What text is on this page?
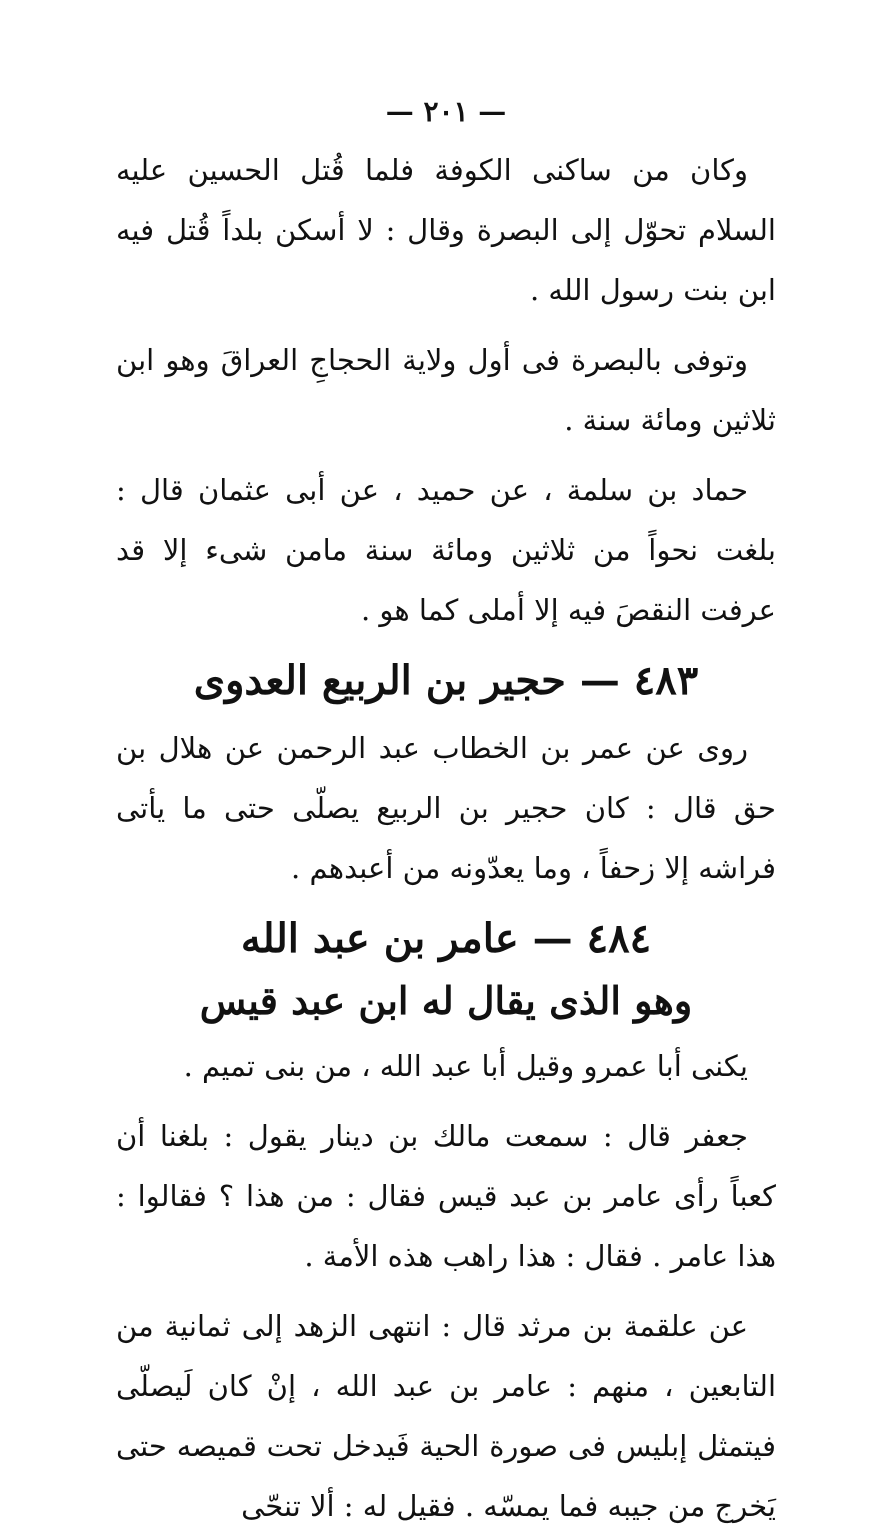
— ٢٠١ —

وكان من ساكنى الكوفة فلما قُتل الحسين عليه السلام تحوّل إلى البصرة وقال : لا أسكن بلداً قُتل فيه ابن بنت رسول الله .

وتوفى بالبصرة فى أول ولاية الحجاجِ العراقَ وهو ابن ثلاثين ومائة سنة .

حماد بن سلمة ، عن حميد ، عن أبى عثمان قال : بلغت نحواً من ثلاثين ومائة سنة مامن شىء إلا قد عرفت النقصَ فيه إلا أملى كما هو .

٤٨٣ — حجير بن الربيع العدوى

روى عن عمر بن الخطاب عبد الرحمن عن هلال بن حق قال : كان حجير بن الربيع يصلّى حتى ما يأتى فراشه إلا زحفاً ، وما يعدّونه من أعبدهم .

٤٨٤ — عامر بن عبد الله
وهو الذى يقال له ابن عبد قيس

يكنى أبا عمرو وقيل أبا عبد الله ، من بنى تميم .

جعفر قال : سمعت مالك بن دينار يقول : بلغنا أن كعباً رأى عامر بن عبد قيس فقال : من هذا ؟ فقالوا : هذا عامر . فقال : هذا راهب هذه الأمة .

عن علقمة بن مرثد قال : انتهى الزهد إلى ثمانية من التابعين ، منهم : عامر بن عبد الله ، إنْ كان لَيصلّى فيتمثل إبليس فى صورة الحية فَيدخل تحت قميصه حتى يَخرج من جيبه فما يمسّه . فقيل له : ألا تنحّى
